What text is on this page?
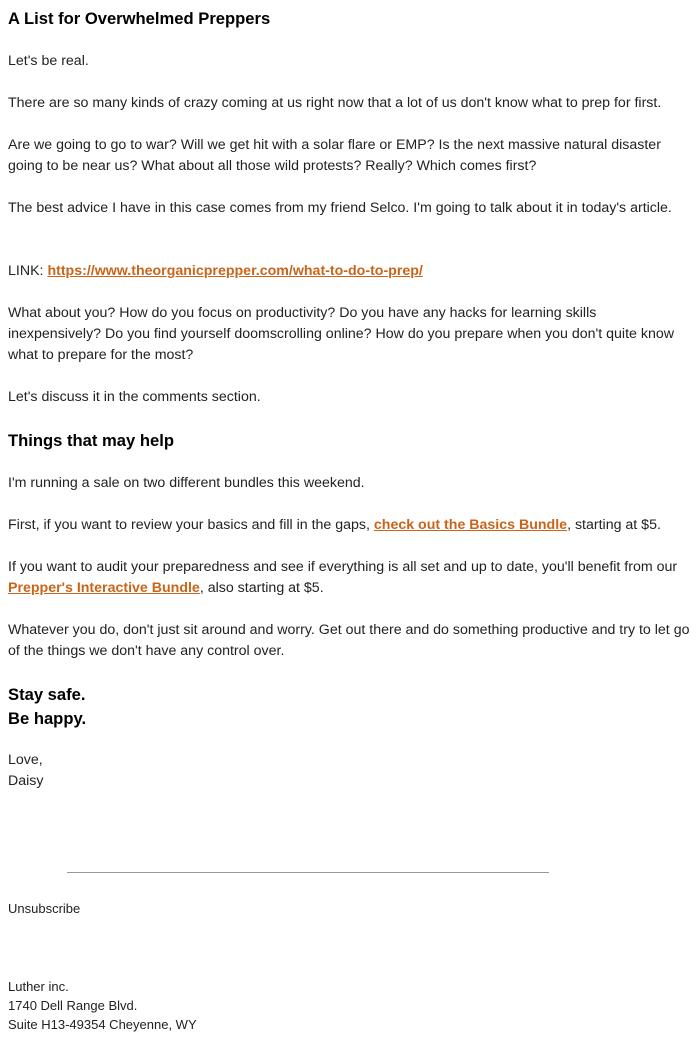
A List for Overwhelmed Preppers

Let's be real.

There are so many kinds of crazy coming at us right now that a lot of us don't know what to prep for first.

Are we going to go to war? Will we get hit with a solar flare or EMP? Is the next massive natural disaster going to be near us? What about all those wild protests? Really? Which comes first?

The best advice I have in this case comes from my friend Selco. I'm going to talk about it in today's article.

LINK: https://www.theorganicprepper.com/what-to-do-to-prep/

What about you? How do you focus on productivity? Do you have any hacks for learning skills inexpensively? Do you find yourself doomscrolling online? How do you prepare when you don't quite know what to prepare for the most?

Let's discuss it in the comments section.

Things that may help

I'm running a sale on two different bundles this weekend.

First, if you want to review your basics and fill in the gaps, check out the Basics Bundle, starting at $5.

If you want to audit your preparedness and see if everything is all set and up to date, you'll benefit from our Prepper's Interactive Bundle, also starting at $5.

Whatever you do, don't just sit around and worry. Get out there and do something productive and try to let go of the things we don't have any control over.

Stay safe.
Be happy.

Love,

Daisy

Unsubscribe
Luther inc.
1740 Dell Range Blvd.
Suite H13-49354 Cheyenne, WY
